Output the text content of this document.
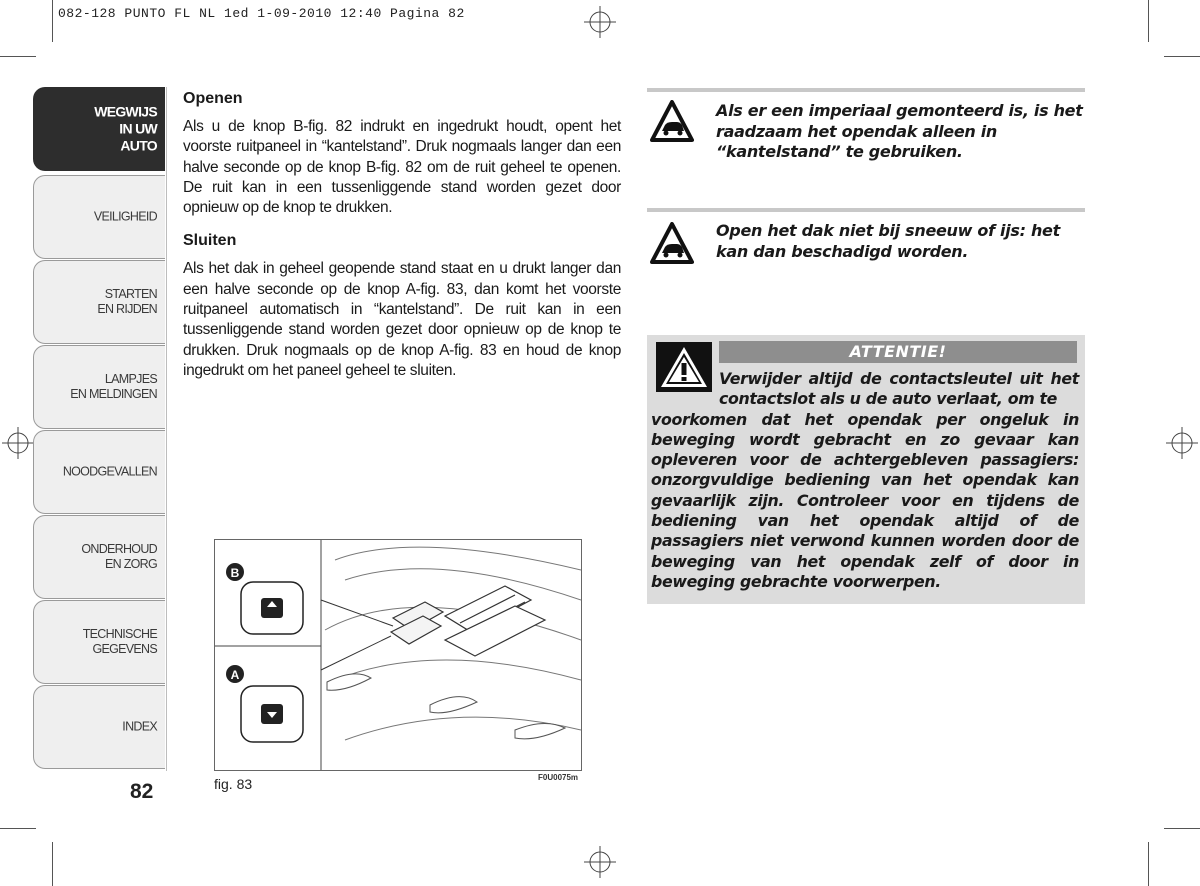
082-128 PUNTO FL NL 1ed 1-09-2010 12:40 Pagina 82
WEGWIJS
IN UW
AUTO
VEILIGHEID
STARTEN
EN RIJDEN
LAMPJES
EN MELDINGEN
NOODGEVALLEN
ONDERHOUD
EN ZORG
TECHNISCHE
GEGEVENS
INDEX
82
Openen
Als u de knop B-fig. 82 indrukt en ingedrukt houdt, opent het voorste ruitpaneel in “kantelstand”. Druk nogmaals langer dan een halve seconde op de knop B-fig. 82 om de ruit geheel te openen. De ruit kan in een tussenliggende stand worden gezet door opnieuw op de knop te drukken.
Sluiten
Als het dak in geheel geopende stand staat en u drukt langer dan een halve seconde op de knop A-fig. 83, dan komt het voorste ruitpaneel automatisch in “kantelstand”. De ruit kan in een tussenliggende stand worden gezet door opnieuw op de knop te drukken. Druk nogmaals op de knop A-fig. 83 en houd de knop ingedrukt om het paneel geheel te sluiten.
B
A
fig. 83	F0U0075m
Als er een imperiaal gemonteerd is, is het raadzaam het opendak alleen in “kantelstand” te gebruiken.
Open het dak niet bij sneeuw of ijs: het kan dan beschadigd worden.
ATTENTIE!
Verwijder altijd de contactsleutel uit het contactslot als u de auto verlaat, om te
voorkomen dat het opendak per ongeluk in beweging wordt gebracht en zo gevaar kan opleveren voor de achtergebleven passagiers: onzorgvuldige bediening van het opendak kan gevaarlijk zijn. Controleer voor en tijdens de bediening van het opendak altijd of de passagiers niet verwond kunnen worden door de beweging van het opendak zelf of door in beweging gebrachte voorwerpen.
